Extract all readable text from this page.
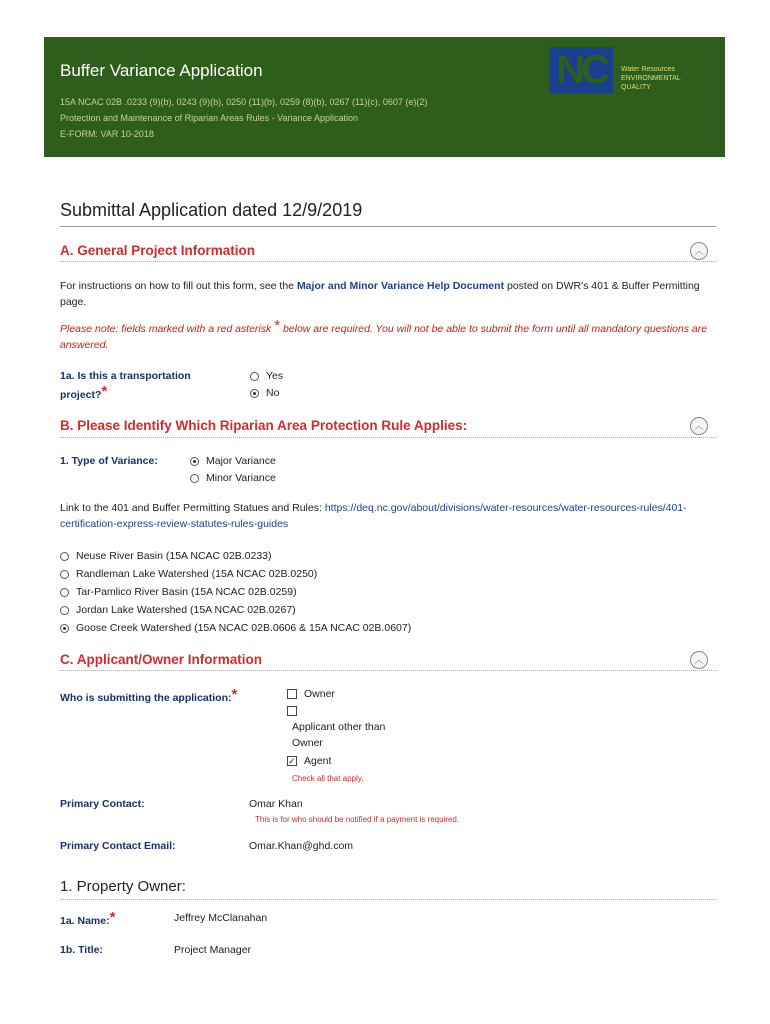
Buffer Variance Application
15A NCAC 02B .0233 (9)(b), 0243 (9)(b), 0250 (11)(b), 0259 (8)(b), 0267 (11)(c), 0607 (e)(2)
Protection and Maintenance of Riparian Areas Rules - Variance Application
E-FORM: VAR 10-2018
NC	Water Resources
ENVIRONMENTAL QUALITY
Submittal Application dated 12/9/2019
A. General Project Information	︿
For instructions on how to fill out this form, see the Major and Minor Variance Help Document posted on DWR's 401 & Buffer Permitting page.
Please note: fields marked with a red asterisk * below are required. You will not be able to submit the form until all mandatory questions are answered.
1a. Is this a transportation project?*
Yes
No
B. Please Identify Which Riparian Area Protection Rule Applies:	︿
1. Type of Variance:	Major Variance
Minor Variance
Link to the 401 and Buffer Permitting Statues and Rules: https://deq.nc.gov/about/divisions/water-resources/water-resources-rules/401-certification-express-review-statutes-rules-guides
Neuse River Basin (15A NCAC 02B.0233)
Randleman Lake Watershed (15A NCAC 02B.0250)
Tar-Pamlico River Basin (15A NCAC 02B.0259)
Jordan Lake Watershed (15A NCAC 02B.0267)
Goose Creek Watershed (15A NCAC 02B.0606 & 15A NCAC 02B.0607)
C. Applicant/Owner Information	︿
Who is submitting the application:*	Owner
Applicant other than Owner
✓ Agent
Check all that apply.
Primary Contact:	Omar Khan
This is for who should be notified if a payment is required.
Primary Contact Email:	Omar.Khan@ghd.com
1. Property Owner:
1a. Name:*	Jeffrey McClanahan
1b. Title:	Project Manager
